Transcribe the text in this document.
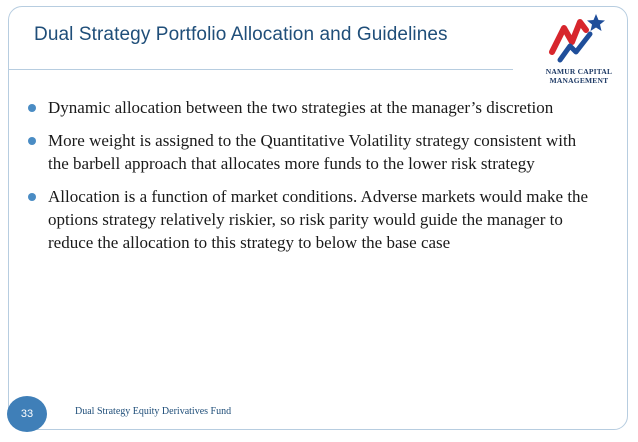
Dual Strategy Portfolio Allocation and Guidelines
NAMUR CAPITAL
MANAGEMENT
Dynamic allocation between the two strategies at the manager’s discretion
More weight is assigned to the Quantitative Volatility strategy consistent with the barbell approach that allocates more funds to the lower risk strategy
Allocation is a function of market conditions. Adverse markets would make the options strategy relatively riskier, so risk parity would guide the manager to reduce the allocation to this strategy to below the base case
33	Dual Strategy Equity Derivatives Fund
